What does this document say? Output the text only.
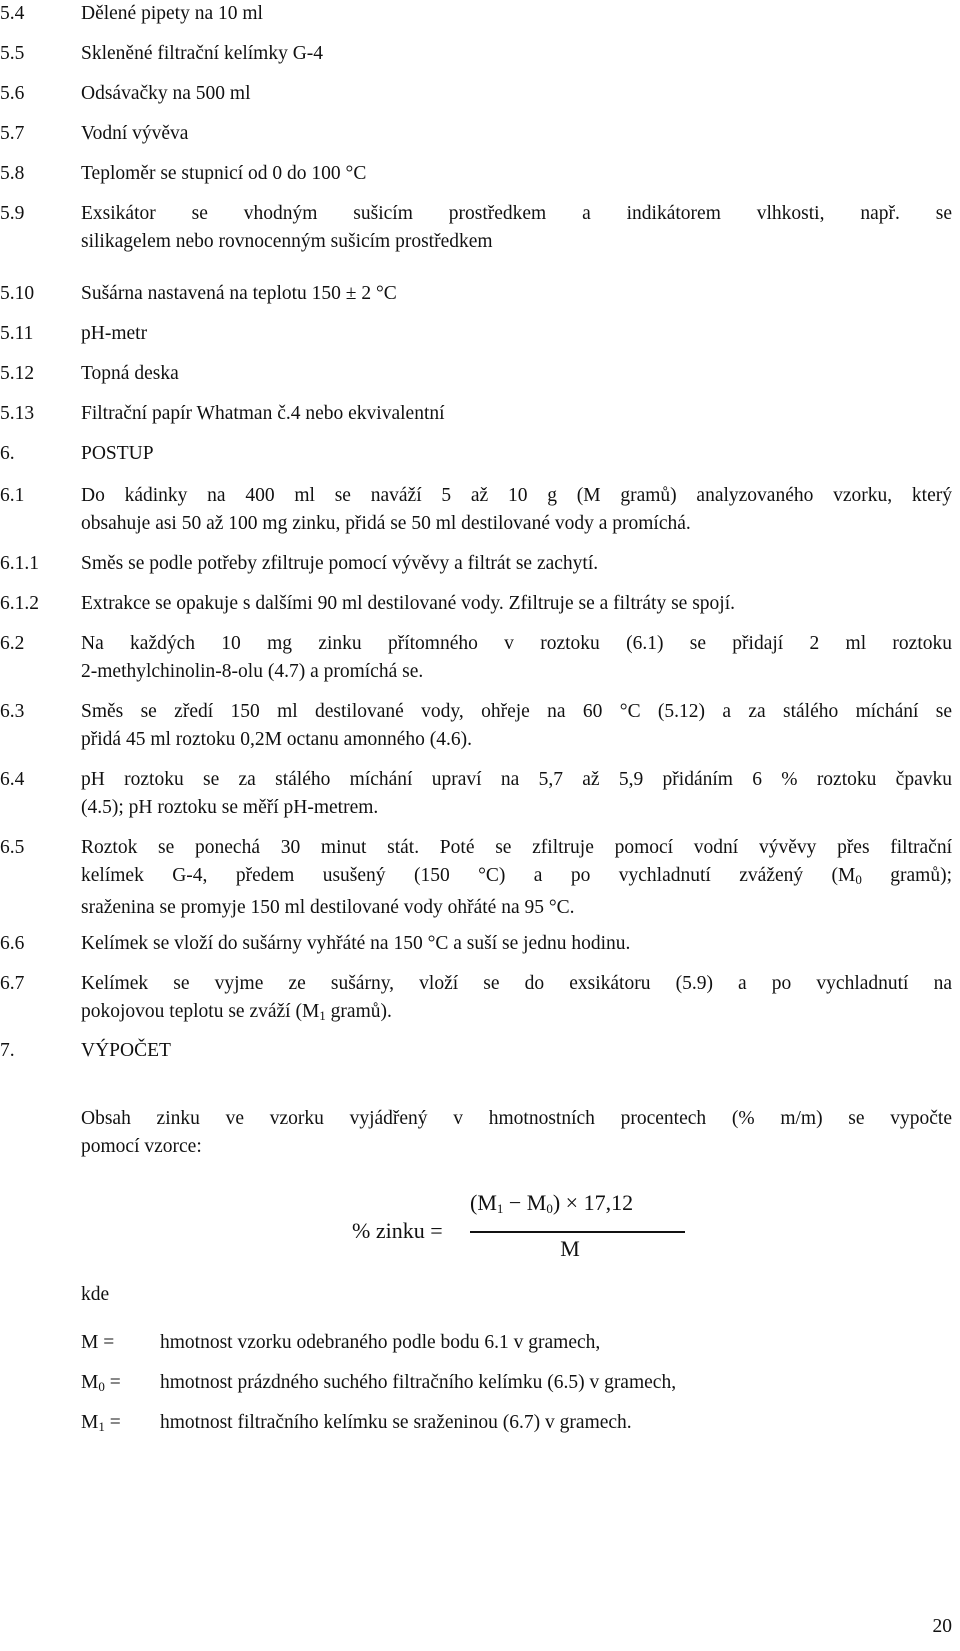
5.4	Dělené pipety na 10 ml
5.5	Skleněné filtrační kelímky G-4
5.6	Odsávačky na 500 ml
5.7	Vodní vývěva
5.8	Teploměr se stupnicí od 0 do 100 °C
5.9	Exsikátor se vhodným sušicím prostředkem a indikátorem vlhkosti, např. se
silikagelem nebo rovnocenným sušicím prostředkem
5.10	Sušárna nastavená na teplotu 150 ± 2 °C
5.11	pH-metr
5.12	Topná deska
5.13	Filtrační papír Whatman č.4 nebo ekvivalentní
6.	POSTUP
6.1	Do kádinky na 400 ml se naváží 5 až 10 g (M gramů) analyzovaného vzorku, který
obsahuje asi 50 až 100 mg zinku, přidá se 50 ml destilované vody a promíchá.
6.1.1	Směs se podle potřeby zfiltruje pomocí vývěvy a filtrát se zachytí.
6.1.2	Extrakce se opakuje s dalšími 90 ml destilované vody. Zfiltruje se a filtráty se spojí.
6.2	Na každých 10 mg zinku přítomného v roztoku (6.1) se přidají 2 ml roztoku
2-methylchinolin-8-olu (4.7) a promíchá se.
6.3	Směs se zředí 150 ml destilované vody, ohřeje na 60 °C (5.12) a za stálého míchání se
přidá 45 ml roztoku 0,2M octanu amonného (4.6).
6.4	pH roztoku se za stálého míchání upraví na 5,7 až 5,9 přidáním 6 % roztoku čpavku
(4.5); pH roztoku se měří pH-metrem.
6.5	Roztok se ponechá 30 minut stát. Poté se zfiltruje pomocí vodní vývěvy přes filtrační
kelímek G-4, předem usušený (150 °C) a po vychladnutí zvážený ($M_0$ gramů);
sraženina se promyje 150 ml destilované vody ohřáté na 95 °C.
6.6	Kelímek se vloží do sušárny vyhřáté na 150 °C a suší se jednu hodinu.
6.7	Kelímek se vyjme ze sušárny, vloží se do exsikátoru (5.9) a po vychladnutí na
pokojovou teplotu se zváží ($M_1$ gramů).
7.	VÝPOČET
Obsah zinku ve vzorku vyjádřený v hmotnostních procentech (% m/m) se vypočte
pomocí vzorce:
% zinku =
$(M_1 - M_0) \times 17,12$
M
kde
M = hmotnost vzorku odebraného podle bodu 6.1 v gramech,
$M_0$ = hmotnost prázdného suchého filtračního kelímku (6.5) v gramech,
$M_1$ = hmotnost filtračního kelímku se sraženinou (6.7) v gramech.
20
